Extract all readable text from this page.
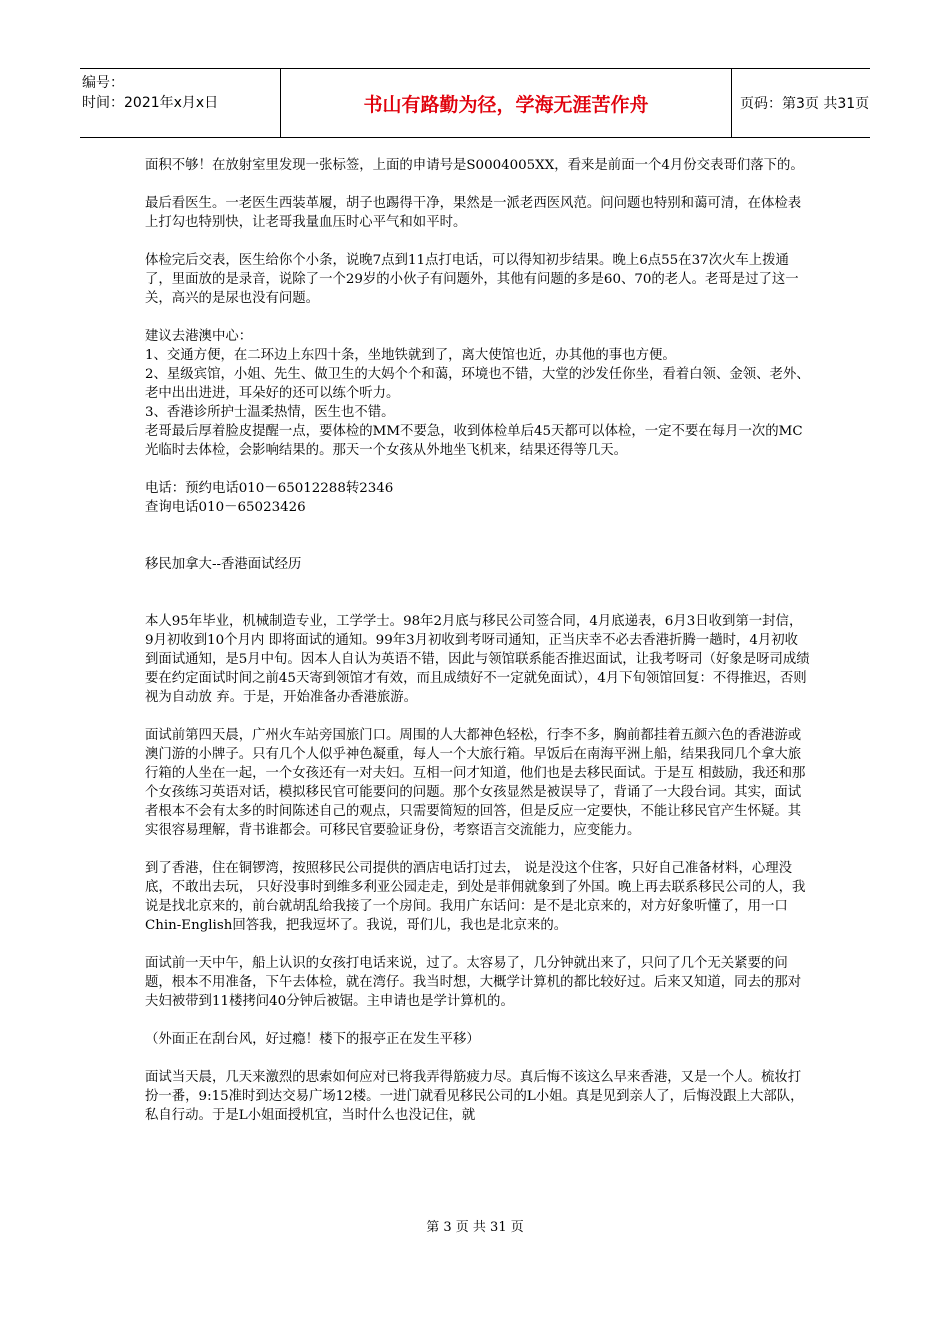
编号：
时间：2021年x月x日	书山有路勤为径，学海无涯苦作舟	页码：第3页 共31页

面积不够！在放射室里发现一张标签，上面的申请号是S0004005XX，看来是前面一个4月份交表哥们落下的。

最后看医生。一老医生西装革履，胡子也踢得干净，果然是一派老西医风范。问问题也特别和蔼可清，在体检表上打勾也特别快，让老哥我量血压时心平气和如平时。

体检完后交表，医生给你个小条，说晚7点到11点打电话，可以得知初步结果。晚上6点55在37次火车上拨通了，里面放的是录音，说除了一个29岁的小伙子有问题外，其他有问题的多是60、70的老人。老哥是过了这一关，高兴的是尿也没有问题。

建议去港澳中心：

1、交通方便，在二环边上东四十条，坐地铁就到了，离大使馆也近，办其他的事也方便。

2、星级宾馆，小姐、先生、做卫生的大妈个个和蔼，环境也不错，大堂的沙发任你坐，看着白领、金领、老外、老中出出进进，耳朵好的还可以练个听力。

3、香港诊所护士温柔热情，医生也不错。

老哥最后厚着脸皮提醒一点，要体检的MM不要急，收到体检单后45天都可以体检，一定不要在每月一次的MC光临时去体检，会影响结果的。那天一个女孩从外地坐飞机来，结果还得等几天。

电话：预约电话010－65012288转2346

查询电话010－65023426

移民加拿大--香港面试经历

本人95年毕业，机械制造专业，工学学士。98年2月底与移民公司签合同，4月底递表，6月3日收到第一封信，9月初收到10个月内 即将面试的通知。99年3月初收到考呀司通知，正当庆幸不必去香港折腾一趟时，4月初收到面试通知，是5月中旬。因本人自认为英语不错，因此与领馆联系能否推迟面试，让我考呀司（好象是呀司成绩要在约定面试时间之前45天寄到领馆才有效，而且成绩好不一定就免面试），4月下旬领馆回复：不得推迟，否则视为自动放 弃。于是，开始准备办香港旅游。

面试前第四天晨，广州火车站旁国旅门口。周围的人大都神色轻松，行李不多，胸前都挂着五颜六色的香港游或澳门游的小牌子。只有几个人似乎神色凝重，每人一个大旅行箱。早饭后在南海平洲上船，结果我同几个拿大旅行箱的人坐在一起，一个女孩还有一对夫妇。互相一问才知道，他们也是去移民面试。于是互 相鼓励，我还和那个女孩练习英语对话，模拟移民官可能要问的问题。那个女孩显然是被误导了，背诵了一大段台词。其实，面试者根本不会有太多的时间陈述自己的观点，只需要简短的回答，但是反应一定要快，不能让移民官产生怀疑。其实很容易理解，背书谁都会。可移民官要验证身份，考察语言交流能力，应变能力。

到了香港，住在铜锣湾，按照移民公司提供的酒店电话打过去， 说是没这个住客，只好自己准备材料，心理没底，不敢出去玩， 只好没事时到维多利亚公园走走，到处是菲佣就象到了外国。晚上再去联系移民公司的人，我说是找北京来的，前台就胡乱给我接了一个房间。我用广东话问：是不是北京来的，对方好象听懂了，用一口Chin-English回答我，把我逗坏了。我说，哥们儿，我也是北京来的。

面试前一天中午，船上认识的女孩打电话来说，过了。太容易了，几分钟就出来了，只问了几个无关紧要的问题，根本不用准备，下午去体检，就在湾仔。我当时想，大概学计算机的都比较好过。后来又知道，同去的那对夫妇被带到11楼拷问40分钟后被锯。主申请也是学计算机的。

（外面正在刮台风，好过瘾！楼下的报亭正在发生平移）

面试当天晨，几天来激烈的思索如何应对已将我弄得筋疲力尽。真后悔不该这么早来香港，又是一个人。梳妆打扮一番，9:15准时到达交易广场12楼。一进门就看见移民公司的L小姐。真是见到亲人了，后悔没跟上大部队，私自行动。于是L小姐面授机宜，当时什么也没记住，就

第 3 页 共 31 页
